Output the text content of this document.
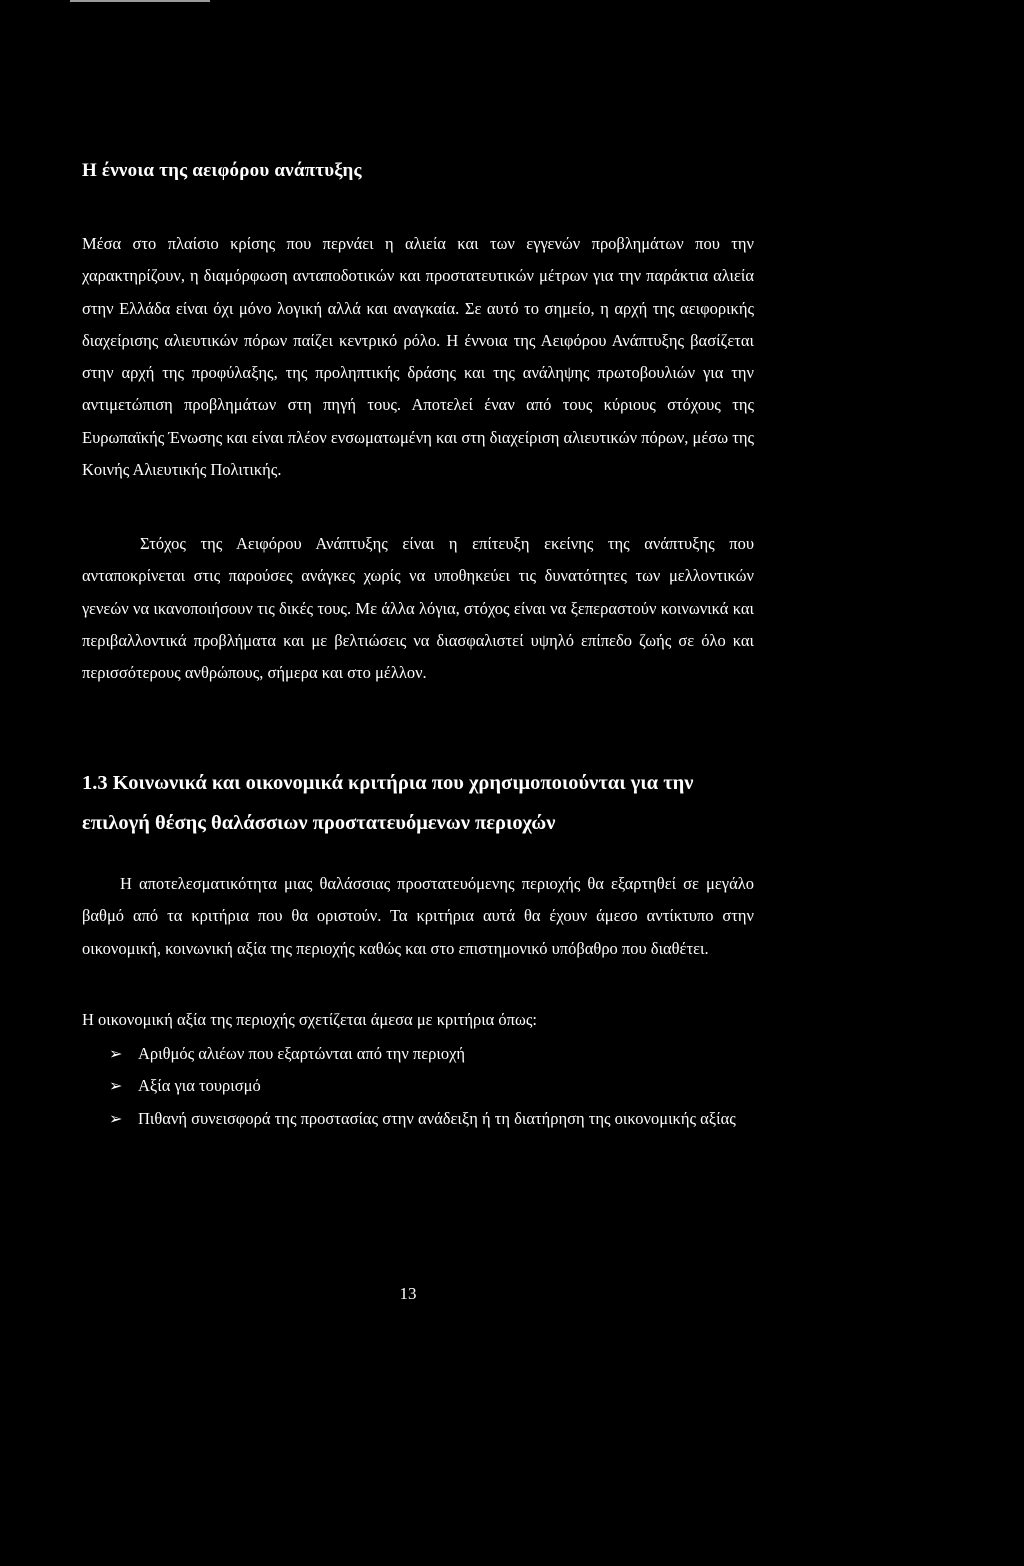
Η έννοια της αειφόρου ανάπτυξης

Μέσα στο πλαίσιο κρίσης που περνάει η αλιεία και των εγγενών προβλημάτων που την χαρακτηρίζουν, η διαμόρφωση ανταποδοτικών και προστατευτικών μέτρων για την παράκτια αλιεία στην Ελλάδα είναι όχι μόνο λογική αλλά και αναγκαία. Σε αυτό το σημείο, η αρχή της αειφορικής διαχείρισης αλιευτικών πόρων παίζει κεντρικό ρόλο. Η έννοια της Αειφόρου Ανάπτυξης βασίζεται στην αρχή της προφύλαξης, της προληπτικής δράσης και της ανάληψης πρωτοβουλιών για την αντιμετώπιση προβλημάτων στη πηγή τους. Αποτελεί έναν από τους κύριους στόχους της Ευρωπαϊκής Ένωσης και είναι πλέον ενσωματωμένη και στη διαχείριση αλιευτικών πόρων, μέσω της Κοινής Αλιευτικής Πολιτικής.

Στόχος της Αειφόρου Ανάπτυξης είναι η επίτευξη εκείνης της ανάπτυξης που ανταποκρίνεται στις παρούσες ανάγκες χωρίς να υποθηκεύει τις δυνατότητες των μελλοντικών γενεών να ικανοποιήσουν τις δικές τους. Με άλλα λόγια, στόχος είναι να ξεπεραστούν κοινωνικά και περιβαλλοντικά προβλήματα και με βελτιώσεις να διασφαλιστεί υψηλό επίπεδο ζωής σε όλο και περισσότερους ανθρώπους, σήμερα και στο μέλλον.

1.3 Κοινωνικά και οικονομικά κριτήρια που χρησιμοποιούνται για την επιλογή θέσης θαλάσσιων προστατευόμενων περιοχών

Η αποτελεσματικότητα μιας θαλάσσιας προστατευόμενης περιοχής θα εξαρτηθεί σε μεγάλο βαθμό από τα κριτήρια που θα οριστούν. Τα κριτήρια αυτά θα έχουν άμεσο αντίκτυπο στην οικονομική, κοινωνική αξία της περιοχής καθώς και στο επιστημονικό υπόβαθρο που διαθέτει.

Η οικονομική αξία της περιοχής σχετίζεται άμεσα με κριτήρια όπως:

➢ Αριθμός αλιέων που εξαρτώνται από την περιοχή
➢ Αξία για τουρισμό
➢ Πιθανή συνεισφορά της προστασίας στην ανάδειξη ή τη διατήρηση της οικονομικής αξίας

13
